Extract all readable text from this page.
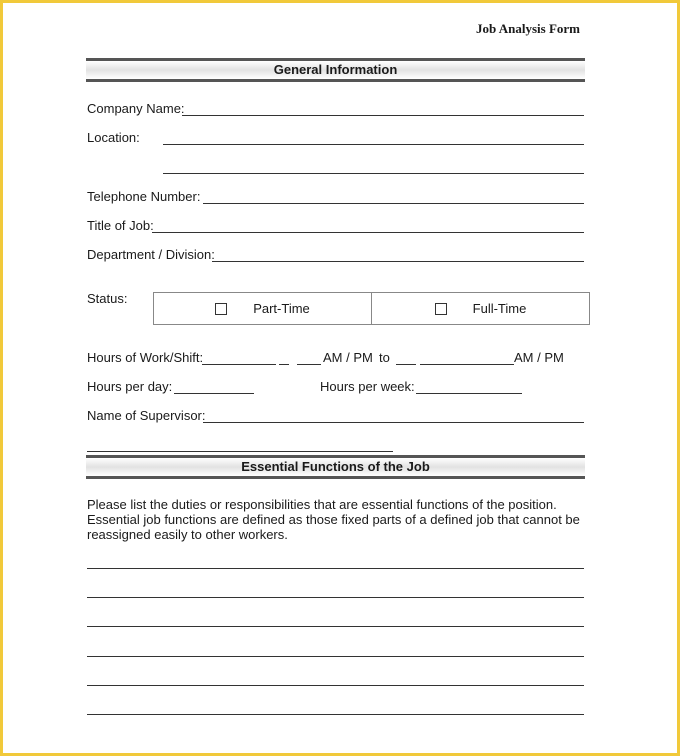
Job Analysis Form
General Information
Company Name:
Location:
Telephone Number:
Title of Job:
Department / Division:
Status:
Part-Time	Full-Time
Hours of Work/Shift:	AM / PM to	AM / PM
Hours per day:	Hours per week:
Name of Supervisor:
Essential Functions of the Job
Please list the duties or responsibilities that are essential functions of the position. Essential job functions are defined as those fixed parts of a defined job that cannot be reassigned easily to other workers.
